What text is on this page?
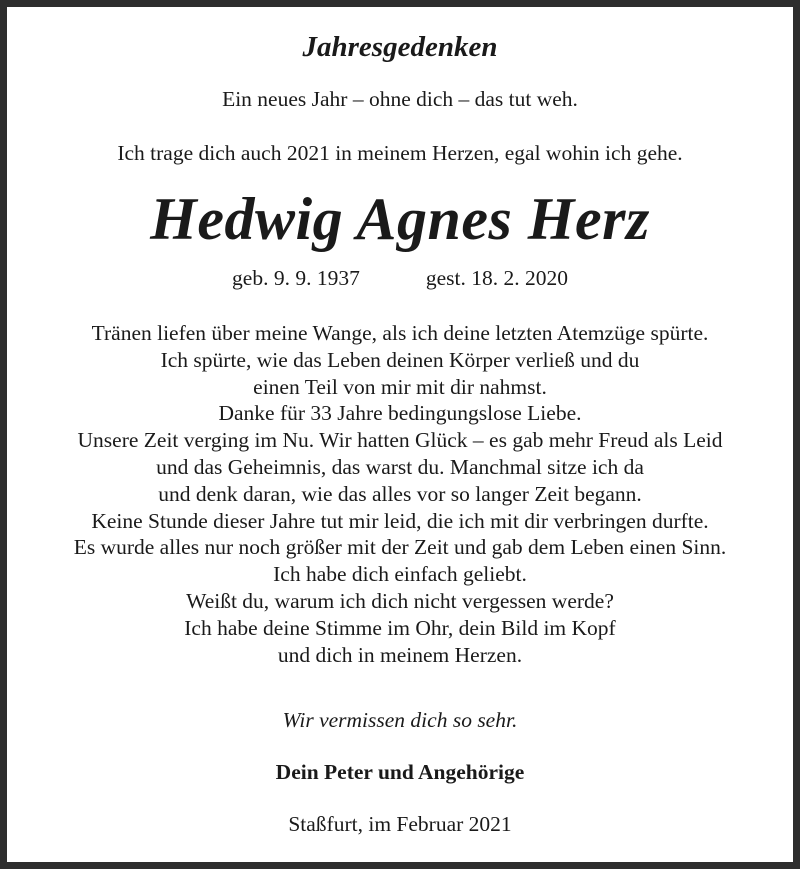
Jahresgedenken

Ein neues Jahr – ohne dich – das tut weh.

Ich trage dich auch 2021 in meinem Herzen, egal wohin ich gehe.

Hedwig Agnes Herz

geb. 9. 9. 1937	gest. 18. 2. 2020

Tränen liefen über meine Wange, als ich deine letzten Atemzüge spürte.
Ich spürte, wie das Leben deinen Körper verließ und du
einen Teil von mir mit dir nahmst.
Danke für 33 Jahre bedingungslose Liebe.
Unsere Zeit verging im Nu. Wir hatten Glück – es gab mehr Freud als Leid
und das Geheimnis, das warst du. Manchmal sitze ich da
und denk daran, wie das alles vor so langer Zeit begann.
Keine Stunde dieser Jahre tut mir leid, die ich mit dir verbringen durfte.
Es wurde alles nur noch größer mit der Zeit und gab dem Leben einen Sinn.
Ich habe dich einfach geliebt.
Weißt du, warum ich dich nicht vergessen werde?
Ich habe deine Stimme im Ohr, dein Bild im Kopf
und dich in meinem Herzen.

Wir vermissen dich so sehr.

Dein Peter und Angehörige

Staßfurt, im Februar 2021
